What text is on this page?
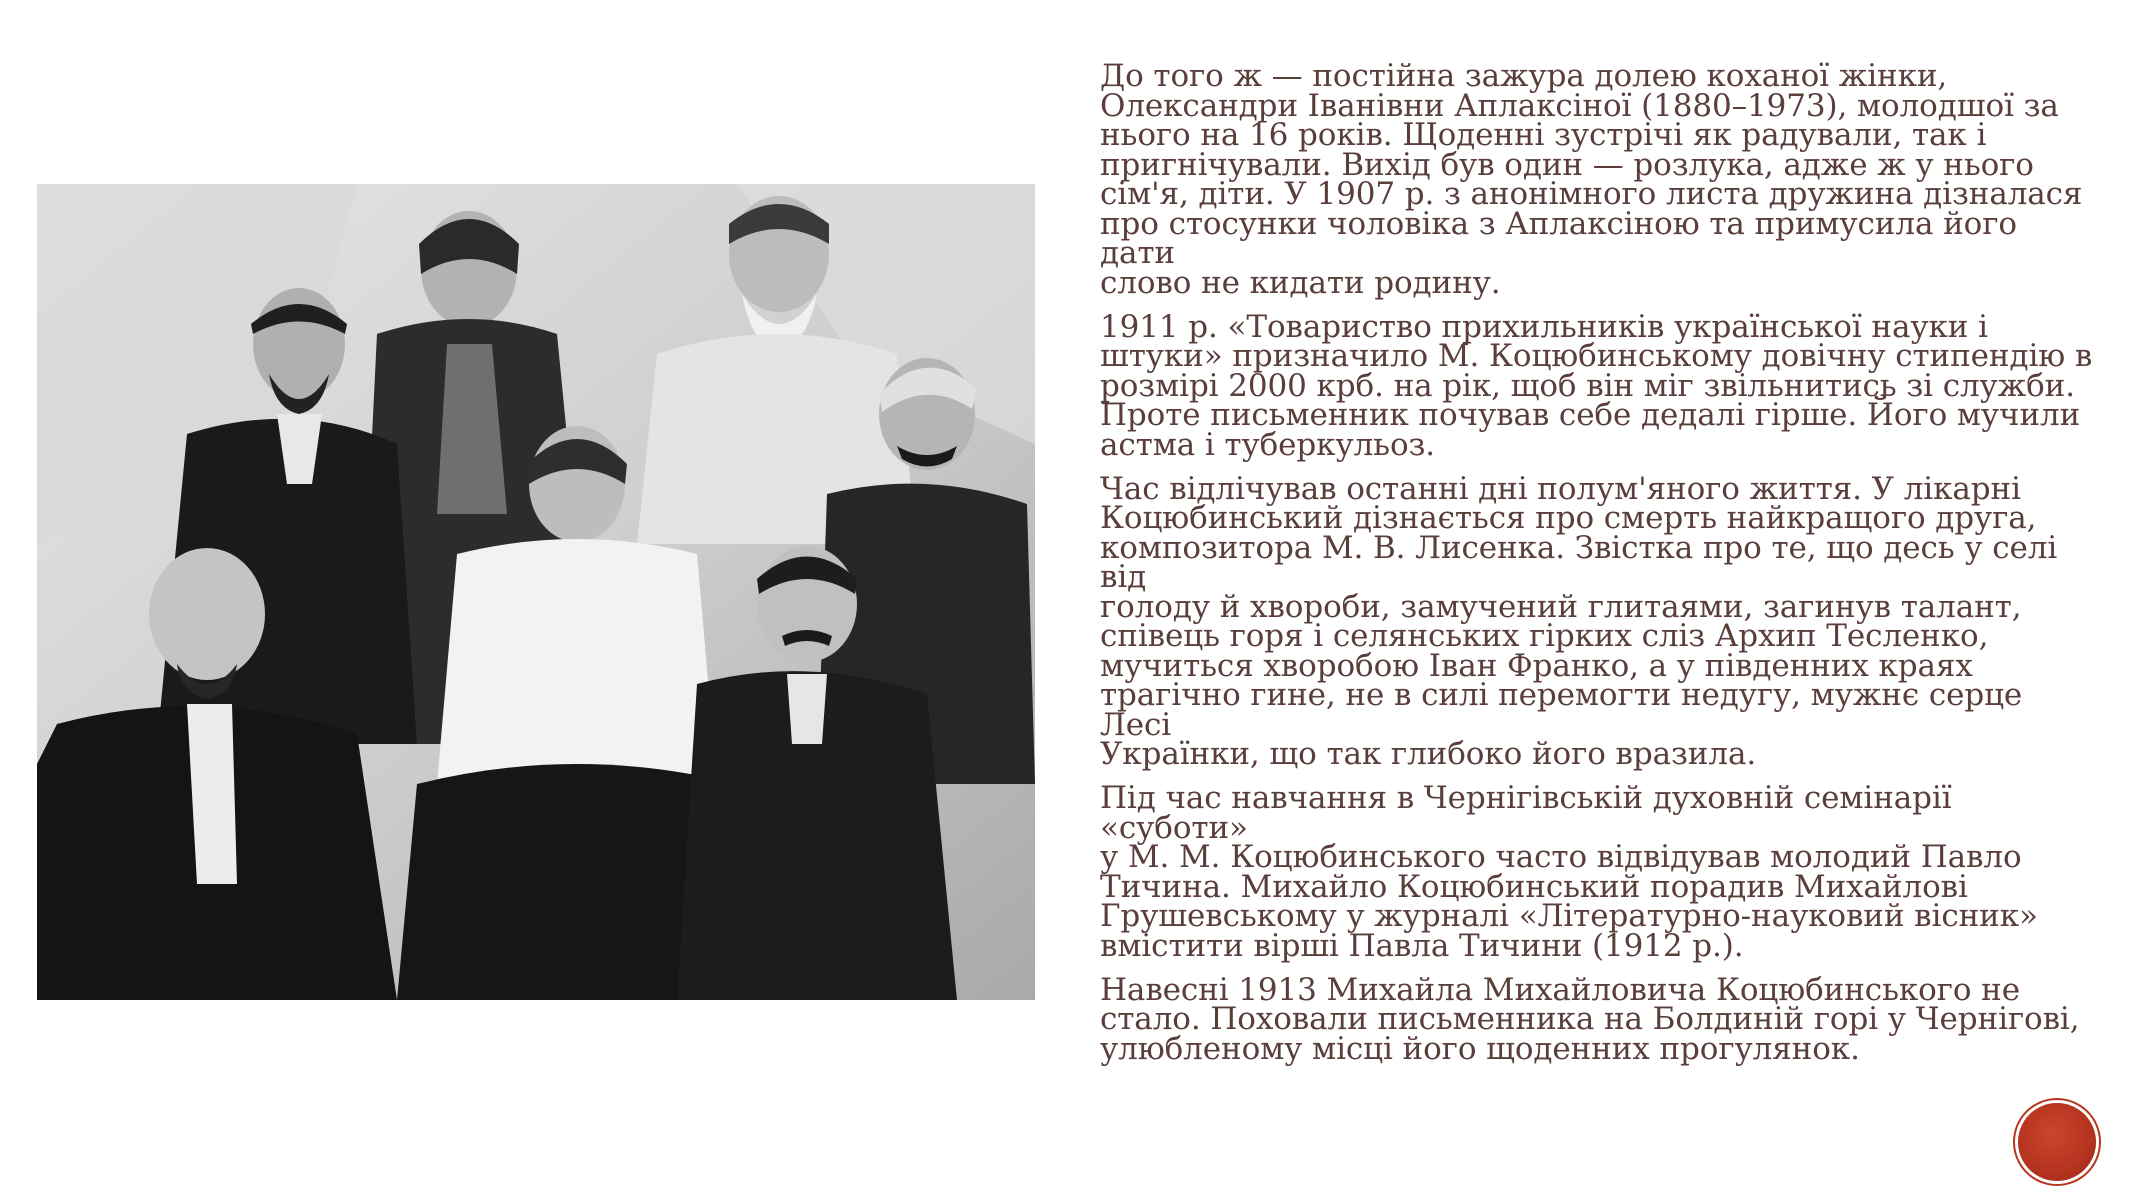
До того ж — постійна зажура долею коханої жінки,
Олександри Іванівни Аплаксіної (1880–1973), молодшої за
нього на 16 років. Щоденні зустрічі як радували, так і
пригнічували. Вихід був один — розлука, адже ж у нього
сім'я, діти. У 1907 р. з анонімного листа дружина дізналася
про стосунки чоловіка з Аплаксіною та примусила його дати
слово не кидати родину.

1911 р. «Товариство прихильників української науки і
штуки» призначило М. Коцюбинському довічну стипендію в
розмірі 2000 крб. на рік, щоб він міг звільнитись зі служби.
Проте письменник почував себе дедалі гірше. Його мучили
астма і туберкульоз.

Час відлічував останні дні полум'яного життя. У лікарні
Коцюбинський дізнається про смерть найкращого друга,
композитора М. В. Лисенка. Звістка про те, що десь у селі від
голоду й хвороби, замучений глитаями, загинув талант,
співець горя і селянських гірких сліз Архип Тесленко,
мучиться хворобою Іван Франко, а у південних краях
трагічно гине, не в силі перемогти недугу, мужнє серце Лесі
Українки, що так глибоко його вразила.

Під час навчання в Чернігівській духовній семінарії «суботи»
у М. М. Коцюбинського часто відвідував молодий Павло
Тичина. Михайло Коцюбинський порадив Михайлові
Грушевському у журналі «Літературно-науковий вісник»
вмістити вірші Павла Тичини (1912 р.).

Навесні 1913 Михайла Михайловича Коцюбинського не
стало. Поховали письменника на Болдиній горі у Чернігові,
улюбленому місці його щоденних прогулянок.
